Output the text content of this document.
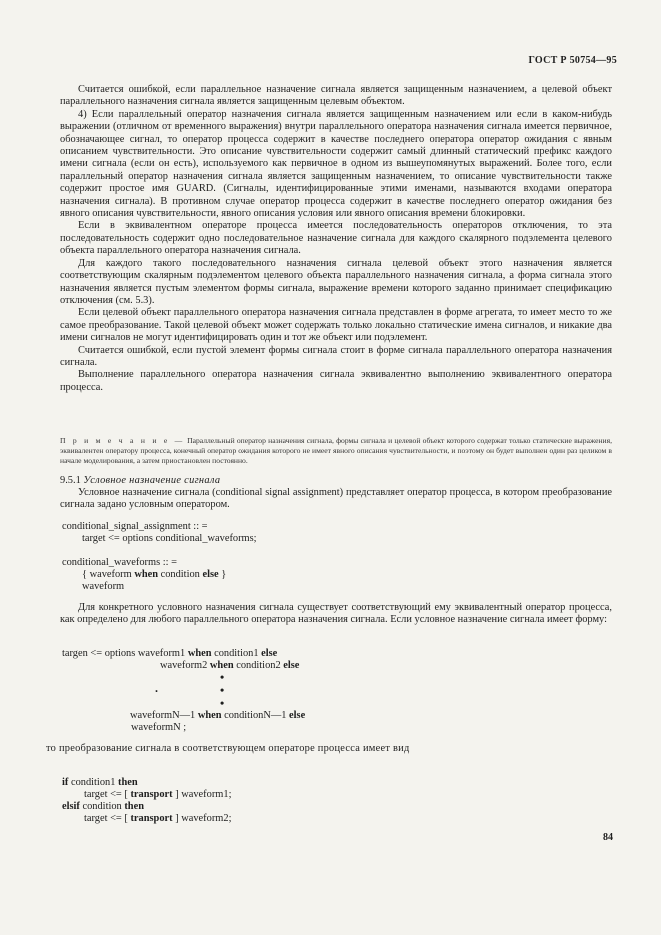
ГОСТ Р 50754—95

Считается ошибкой, если параллельное назначение сигнала является защищенным назначением, а целевой объект параллельного назначения сигнала является защищенным целевым объектом.

4) Если параллельный оператор назначения сигнала является защищенным назначением или если в каком-нибудь выражении (отличном от временного выражения) внутри параллельного оператора назначения сигнала имеется первичное, обозначающее сигнал, то оператор процесса содержит в качестве последнего оператора оператор ожидания с явным описанием чувствительности. Это описание чувствительности содержит самый длинный статический префикс каждого имени сигнала (если он есть), используемого как первичное в одном из вышеупомянутых выражений. Более того, если параллельный оператор назначения сигнала является защищенным назначением, то описание чувствительности также содержит простое имя GUARD. (Сигналы, идентифицированные этими именами, называются входами оператора назначения сигнала). В противном случае оператор процесса содержит в качестве последнего оператор ожидания без явного описания чувствительности, явного описания условия или явного описания времени блокировки.

Если в эквивалентном операторе процесса имеется последовательность операторов отключения, то эта последовательность содержит одно последовательное назначение сигнала для каждого скалярного подэлемента целевого объекта параллельного оператора назначения сигнала.

Для каждого такого последовательного назначения сигнала целевой объект этого назначения является соответствующим скалярным подэлементом целевого объекта параллельного назначения сигнала, а форма сигнала этого назначения является пустым элементом формы сигнала, выражение времени которого заданно принимает спецификацию отключения (см. 5.3).

Если целевой объект параллельного оператора назначения сигнала представлен в форме агрегата, то имеет место то же самое преобразование. Такой целевой объект может содержать только локально статические имена сигналов, и никакие два имени сигналов не могут идентифицировать один и тот же объект или подэлемент.

Считается ошибкой, если пустой элемент формы сигнала стоит в форме сигнала параллельного оператора назначения сигнала.

Выполнение параллельного оператора назначения сигнала эквивалентно выполнению эквивалентного оператора процесса.

П р и м е ч а н и е — Параллельный оператор назначения сигнала, формы сигнала и целевой объект которого содержат только статические выражения, эквивалентен оператору процесса, конечный оператор ожидания которого не имеет явного описания чувствительности, и поэтому он будет выполнен один раз целиком в начале моделирования, а затем приостановлен постоянно.
9.5.1 Условное назначение сигнала

Условное назначение сигнала (conditional signal assignment) представляет оператор процесса, в котором преобразование сигнала задано условным оператором.

conditional_signal_assignment :: =
target <= options conditional_waveforms;
conditional_waveforms :: =
{ waveform when condition else }
waveform

Для конкретного условного назначения сигнала существует соответствующий ему эквивалентный оператор процесса, как определено для любого параллельного оператора назначения сигнала. Если условное назначение сигнала имеет форму:

targen <= options waveform1 when condition1 else
waveform2 when condition2 else
•
.	•
•
waveformN—1 when conditionN—1 else
waveformN ;
то преобразование сигнала в соответствующем операторе процесса имеет вид
if condition1 then
target <= [ transport ] waveform1;
elsif condition then
target <= [ transport ] waveform2;
84
